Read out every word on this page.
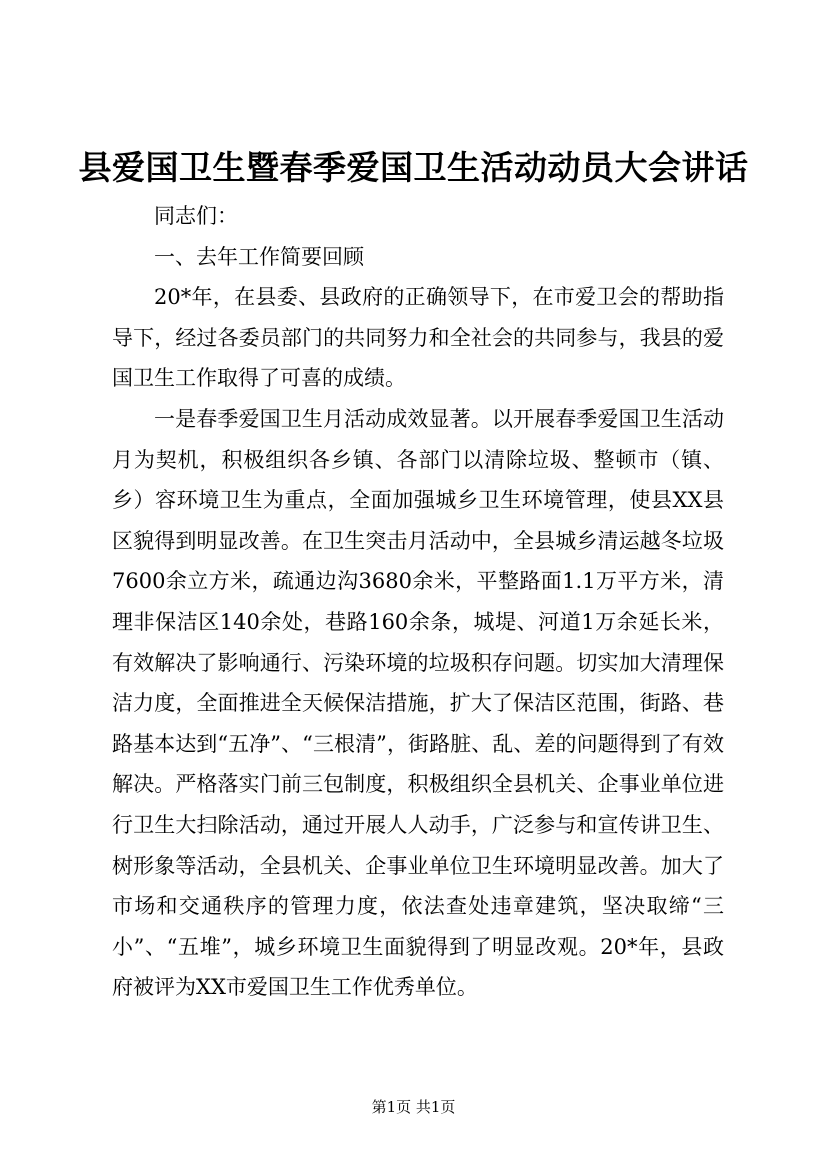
县爱国卫生暨春季爱国卫生活动动员大会讲话

同志们：

一、去年工作简要回顾

20*年，在县委、县政府的正确领导下，在市爱卫会的帮助指导下，经过各委员部门的共同努力和全社会的共同参与，我县的爱国卫生工作取得了可喜的成绩。

一是春季爱国卫生月活动成效显著。以开展春季爱国卫生活动月为契机，积极组织各乡镇、各部门以清除垃圾、整顿市（镇、乡）容环境卫生为重点，全面加强城乡卫生环境管理，使县XX县区貌得到明显改善。在卫生突击月活动中，全县城乡清运越冬垃圾7600余立方米，疏通边沟3680余米，平整路面1.1万平方米，清理非保洁区140余处，巷路160余条，城堤、河道1万余延长米，有效解决了影响通行、污染环境的垃圾积存问题。切实加大清理保洁力度，全面推进全天候保洁措施，扩大了保洁区范围，街路、巷路基本达到“五净”、“三根清”，街路脏、乱、差的问题得到了有效解决。严格落实门前三包制度，积极组织全县机关、企事业单位进行卫生大扫除活动，通过开展人人动手，广泛参与和宣传讲卫生、树形象等活动，全县机关、企事业单位卫生环境明显改善。加大了市场和交通秩序的管理力度，依法查处违章建筑，坚决取缔“三小”、“五堆”，城乡环境卫生面貌得到了明显改观。20*年，县政府被评为XX市爱国卫生工作优秀单位。

第1页 共1页
